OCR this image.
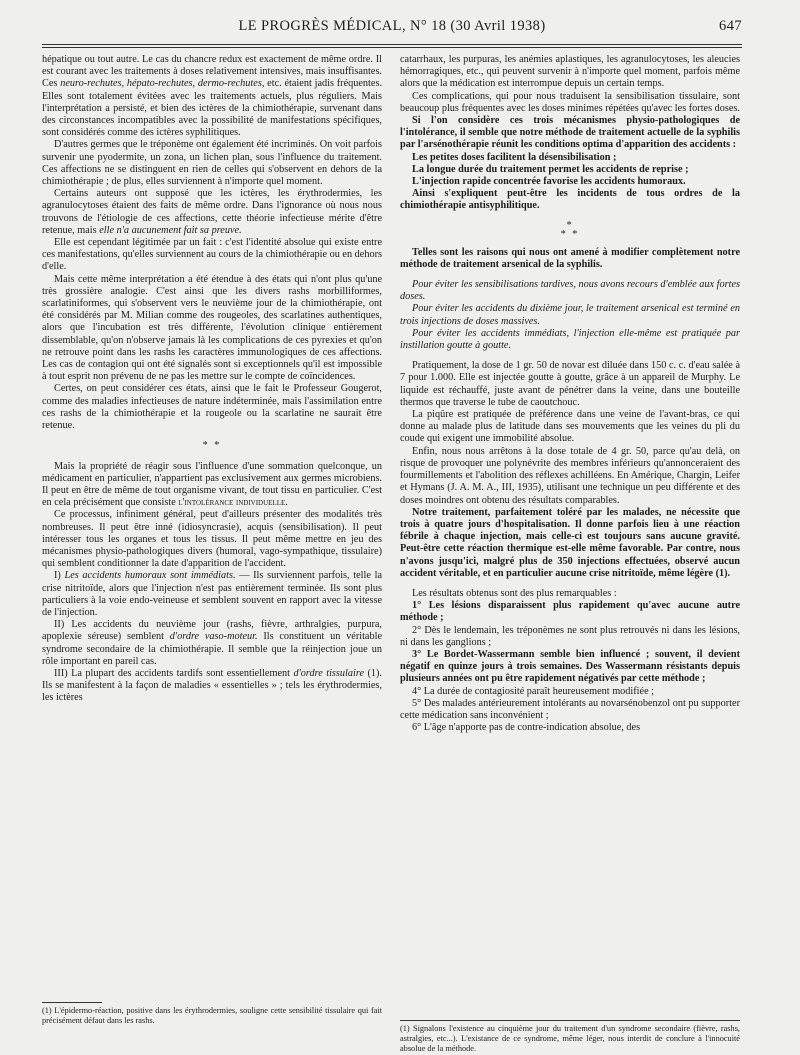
LE PROGRÈS MÉDICAL, N° 18 (30 Avril 1938)	647

hépatique ou tout autre. Le cas du chancre redux est exactement de même ordre. Il est courant avec les traitements à doses relativement intensives, mais insuffisantes. Ces neuro-rechutes, hépato-rechutes, dermo-rechutes, etc. étaient jadis fréquentes. Elles sont totalement évitées avec les traitements actuels, plus réguliers. Mais l'interprétation a persisté, et bien des ictères de la chimiothérapie, survenant dans des circonstances incompatibles avec la possibilité de manifestations spécifiques, sont considérés comme des ictères syphilitiques.

D'autres germes que le tréponème ont également été incriminés. On voit parfois survenir une pyodermite, un zona, un lichen plan, sous l'influence du traitement. Ces affections ne se distinguent en rien de celles qui s'observent en dehors de la chimiothérapie ; de plus, elles surviennent à n'importe quel moment.

Certains auteurs ont supposé que les ictères, les érythrodermies, les agranulocytoses étaient des faits de même ordre. Dans l'ignorance où nous nous trouvons de l'étiologie de ces affections, cette théorie infectieuse mérite d'être retenue, mais elle n'a aucunement fait sa preuve.

Elle est cependant légitimée par un fait : c'est l'identité absolue qui existe entre ces manifestations, qu'elles surviennent au cours de la chimiothérapie ou en dehors d'elle.

Mais cette même interprétation a été étendue à des états qui n'ont plus qu'une très grossière analogie. C'est ainsi que les divers rashs morbilliformes, scarlatiniformes, qui s'observent vers le neuvième jour de la chimiothérapie, ont été considérés par M. Milian comme des rougeoles, des scarlatines authentiques, alors que l'incubation est très différente, l'évolution clinique entièrement dissemblable, qu'on n'observe jamais là les complications de ces pyrexies et qu'on ne retrouve point dans les rashs les caractères immunologiques de ces affections. Les cas de contagion qui ont été signalés sont si exceptionnels qu'il est impossible à tout esprit non prévenu de ne pas les mettre sur le compte de coïncidences.

Certes, on peut considérer ces états, ainsi que le fait le Professeur Gougerot, comme des maladies infectieuses de nature indéterminée, mais l'assimilation entre ces rashs de la chimiothérapie et la rougeole ou la scarlatine ne saurait être retenue.

* *

Mais la propriété de réagir sous l'influence d'une sommation quelconque, un médicament en particulier, n'appartient pas exclusivement aux germes microbiens. Il peut en être de même de tout organisme vivant, de tout tissu en particulier. C'est en cela précisément que consiste l'intolérance individuelle.

Ce processus, infiniment général, peut d'ailleurs présenter des modalités très nombreuses. Il peut être inné (idiosyncrasie), acquis (sensibilisation). Il peut intéresser tous les organes et tous les tissus. Il peut même mettre en jeu des mécanismes physio-pathologiques divers (humoral, vago-sympathique, tissulaire) qui semblent conditionner la date d'apparition de l'accident.

I) Les accidents humoraux sont immédiats. — Ils surviennent parfois, telle la crise nitritoïde, alors que l'injection n'est pas entièrement terminée. Ils sont plus particuliers à la voie endo-veineuse et semblent souvent en rapport avec la vitesse de l'injection.

II) Les accidents du neuvième jour (rashs, fièvre, arthralgies, purpura, apoplexie séreuse) semblent d'ordre vaso-moteur. Ils constituent un véritable syndrome secondaire de la chimiothérapie. Il semble que la réinjection joue un rôle important en pareil cas.

III) La plupart des accidents tardifs sont essentiellement d'ordre tissulaire (1). Ils se manifestent à la façon de maladies « essentielles » ; tels les érythrodermies, les ictères

(1) L'épidermo-réaction, positive dans les érythrodermies, souligne cette sensibilité tissulaire qui fait précisément défaut dans les rashs.

catarrhaux, les purpuras, les anémies aplastiques, les agranulocytoses, les aleucies hémorragiques, etc., qui peuvent survenir à n'importe quel moment, parfois même alors que la médication est interrompue depuis un certain temps.

Ces complications, qui pour nous traduisent la sensibilisation tissulaire, sont beaucoup plus fréquentes avec les doses minimes répétées qu'avec les fortes doses.

Si l'on considère ces trois mécanismes physio-pathologiques de l'intolérance, il semble que notre méthode de traitement actuelle de la syphilis par l'arsénothérapie réunit les conditions optima d'apparition des accidents :

Les petites doses facilitent la désensibilisation ;

La longue durée du traitement permet les accidents de reprise ;

L'injection rapide concentrée favorise les accidents humoraux.

Ainsi s'expliquent peut-être les incidents de tous ordres de la chimiothérapie antisyphilitique.

*
* *

Telles sont les raisons qui nous ont amené à modifier complètement notre méthode de traitement arsenical de la syphilis.

Pour éviter les sensibilisations tardives, nous avons recours d'emblée aux fortes doses.

Pour éviter les accidents du dixième jour, le traitement arsenical est terminé en trois injections de doses massives.

Pour éviter les accidents immédiats, l'injection elle-même est pratiquée par instillation goutte à goutte.

Pratiquement, la dose de 1 gr. 50 de novar est diluée dans 150 c. c. d'eau salée à 7 pour 1.000. Elle est injectée goutte à goutte, grâce à un appareil de Murphy. Le liquide est réchauffé, juste avant de pénétrer dans la veine, dans une bouteille thermos que traverse le tube de caoutchouc.

La piqûre est pratiquée de préférence dans une veine de l'avant-bras, ce qui donne au malade plus de latitude dans ses mouvements que les veines du pli du coude qui exigent une immobilité absolue.

Enfin, nous nous arrêtons à la dose totale de 4 gr. 50, parce qu'au delà, on risque de provoquer une polynévrite des membres inférieurs qu'annonceraient des fourmillements et l'abolition des réflexes achilléens. En Amérique, Chargin, Leifer et Hymans (J. A. M. A., III, 1935), utilisant une technique un peu différente et des doses moindres ont obtenu des résultats comparables.

Notre traitement, parfaitement toléré par les malades, ne nécessite que trois à quatre jours d'hospitalisation. Il donne parfois lieu à une réaction fébrile à chaque injection, mais celle-ci est toujours sans aucune gravité. Peut-être cette réaction thermique est-elle même favorable. Par contre, nous n'avons jusqu'ici, malgré plus de 350 injections effectuées, observé aucun accident véritable, et en particulier aucune crise nitritoïde, même légère (1).

Les résultats obtenus sont des plus remarquables :

1° Les lésions disparaissent plus rapidement qu'avec aucune autre méthode ;

2° Dès le lendemain, les tréponèmes ne sont plus retrouvés ni dans les lésions, ni dans les ganglions ;

3° Le Bordet-Wassermann semble bien influencé ; souvent, il devient négatif en quinze jours à trois semaines. Des Wassermann résistants depuis plusieurs années ont pu être rapidement négativés par cette méthode ;

4° La durée de contagiosité paraît heureusement modifiée ;

5° Des malades antérieurement intolérants au novarsénobenzol ont pu supporter cette médication sans inconvénient ;

6° L'âge n'apporte pas de contre-indication absolue, des

(1) Signalons l'existence au cinquième jour du traitement d'un syndrome secondaire (fièvre, rashs, astralgies, etc...). L'existance de ce syndrome, même léger, nous interdit de conclure à l'innocuité absolue de la méthode.
